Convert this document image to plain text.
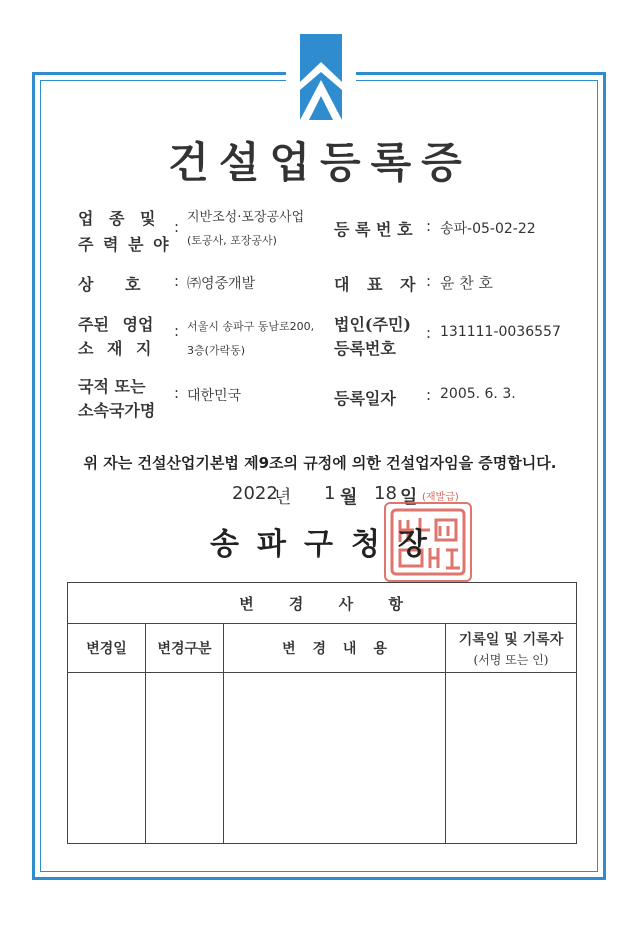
건설업등록증
업 종 및
주 력 분 야
:
지반조성·포장공사업
(토공사, 포장공사)
등 록 번 호 : 송파-05-02-22
상 호 : ㈜영중개발	대 표 자 : 윤 찬 호
주된 영업
소 재 지
: 서울시 송파구 동남로200,
3층(가락동)
법인(주민)
등록번호
: 131111-0036557
국적 또는
소속국가명
: 대한민국	등록일자 : 2005. 6. 3.
위 자는 건설산업기본법 제9조의 규정에 의한 건설업자임을 증명합니다.
2022
년 1 월 18 일 (재발급)
송파구청장
변 경 사 항			
변경일	변경구분	변 경 내 용	기록일 및 기록자
(서명 또는 인)
